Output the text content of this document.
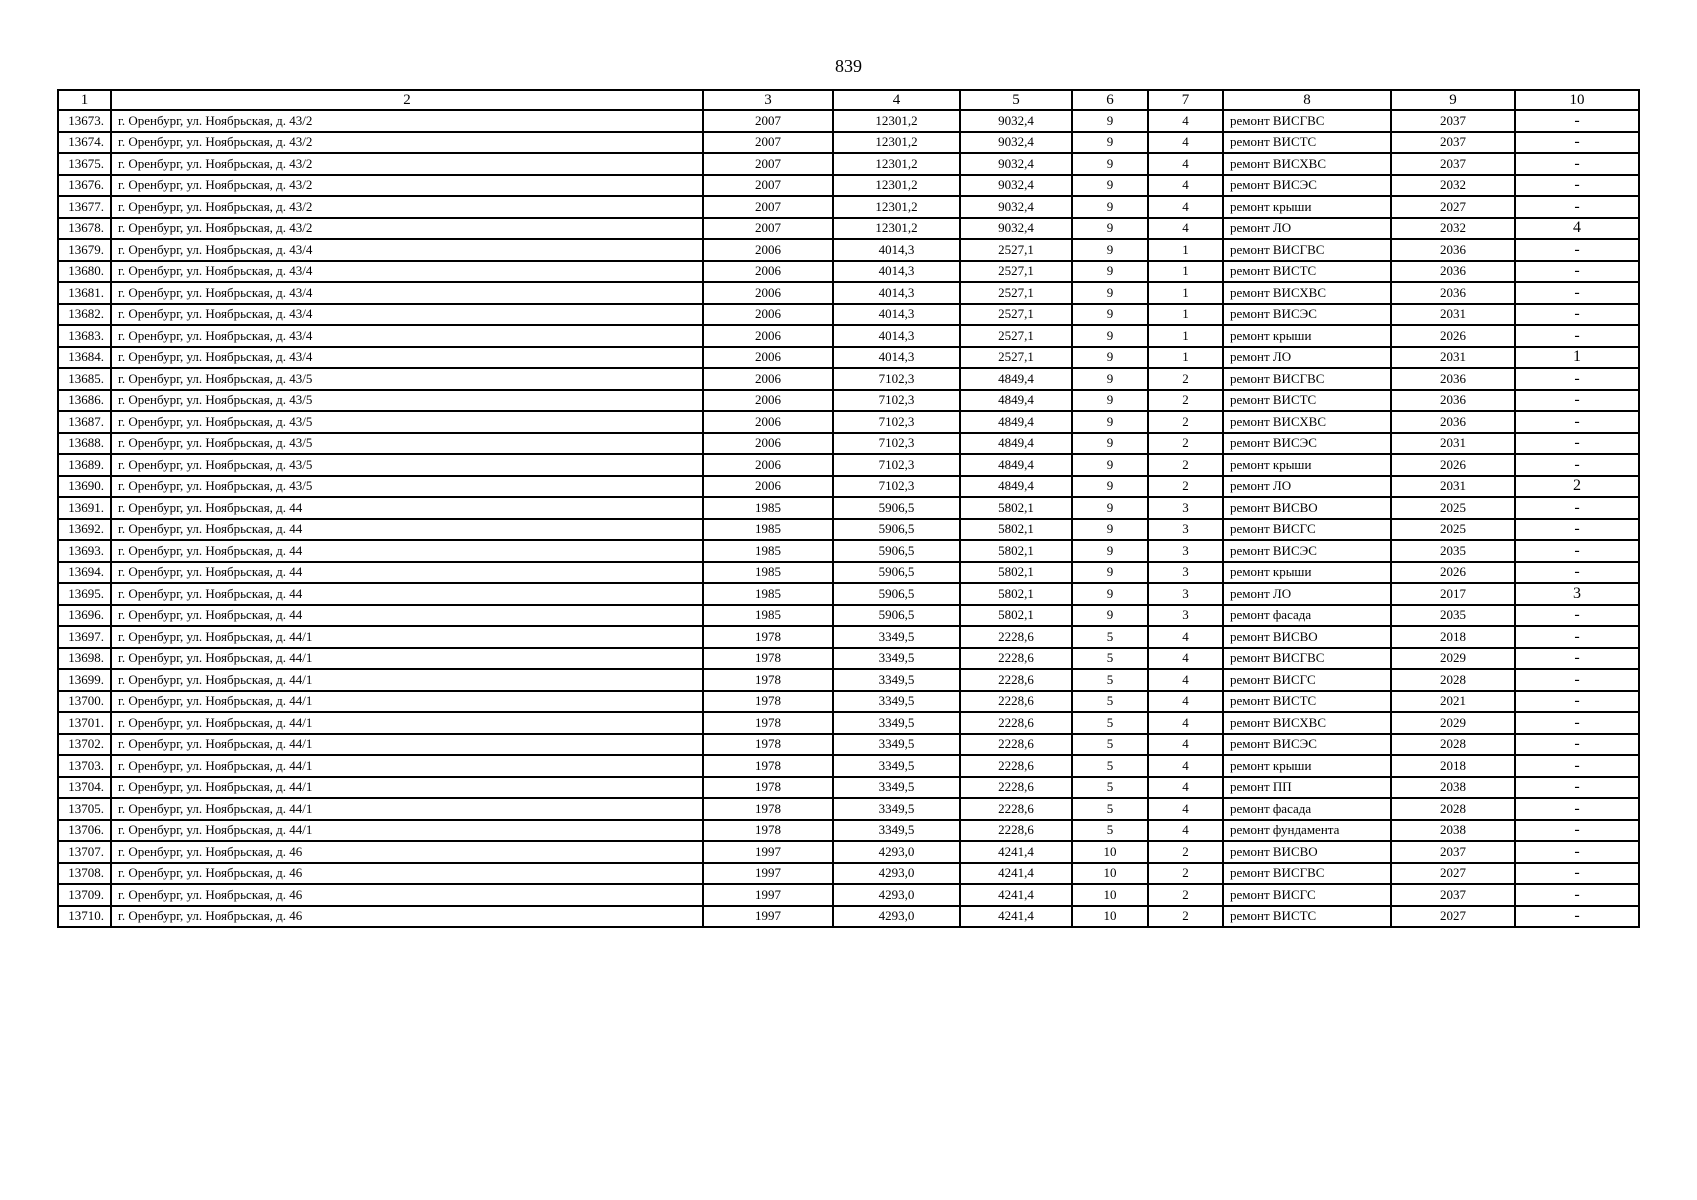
839
1	2	3	4	5	6	7	8	9	10
13673.	г. Оренбург, ул. Ноябрьская, д. 43/2	2007	12301,2	9032,4	9	4	ремонт ВИСГВС	2037	-
13674.	г. Оренбург, ул. Ноябрьская, д. 43/2	2007	12301,2	9032,4	9	4	ремонт ВИСТС	2037	-
13675.	г. Оренбург, ул. Ноябрьская, д. 43/2	2007	12301,2	9032,4	9	4	ремонт ВИСХВС	2037	-
13676.	г. Оренбург, ул. Ноябрьская, д. 43/2	2007	12301,2	9032,4	9	4	ремонт ВИСЭС	2032	-
13677.	г. Оренбург, ул. Ноябрьская, д. 43/2	2007	12301,2	9032,4	9	4	ремонт крыши	2027	-
13678.	г. Оренбург, ул. Ноябрьская, д. 43/2	2007	12301,2	9032,4	9	4	ремонт ЛО	2032	4
13679.	г. Оренбург, ул. Ноябрьская, д. 43/4	2006	4014,3	2527,1	9	1	ремонт ВИСГВС	2036	-
13680.	г. Оренбург, ул. Ноябрьская, д. 43/4	2006	4014,3	2527,1	9	1	ремонт ВИСТС	2036	-
13681.	г. Оренбург, ул. Ноябрьская, д. 43/4	2006	4014,3	2527,1	9	1	ремонт ВИСХВС	2036	-
13682.	г. Оренбург, ул. Ноябрьская, д. 43/4	2006	4014,3	2527,1	9	1	ремонт ВИСЭС	2031	-
13683.	г. Оренбург, ул. Ноябрьская, д. 43/4	2006	4014,3	2527,1	9	1	ремонт крыши	2026	-
13684.	г. Оренбург, ул. Ноябрьская, д. 43/4	2006	4014,3	2527,1	9	1	ремонт ЛО	2031	1
13685.	г. Оренбург, ул. Ноябрьская, д. 43/5	2006	7102,3	4849,4	9	2	ремонт ВИСГВС	2036	-
13686.	г. Оренбург, ул. Ноябрьская, д. 43/5	2006	7102,3	4849,4	9	2	ремонт ВИСТС	2036	-
13687.	г. Оренбург, ул. Ноябрьская, д. 43/5	2006	7102,3	4849,4	9	2	ремонт ВИСХВС	2036	-
13688.	г. Оренбург, ул. Ноябрьская, д. 43/5	2006	7102,3	4849,4	9	2	ремонт ВИСЭС	2031	-
13689.	г. Оренбург, ул. Ноябрьская, д. 43/5	2006	7102,3	4849,4	9	2	ремонт крыши	2026	-
13690.	г. Оренбург, ул. Ноябрьская, д. 43/5	2006	7102,3	4849,4	9	2	ремонт ЛО	2031	2
13691.	г. Оренбург, ул. Ноябрьская, д. 44	1985	5906,5	5802,1	9	3	ремонт ВИСВО	2025	-
13692.	г. Оренбург, ул. Ноябрьская, д. 44	1985	5906,5	5802,1	9	3	ремонт ВИСГС	2025	-
13693.	г. Оренбург, ул. Ноябрьская, д. 44	1985	5906,5	5802,1	9	3	ремонт ВИСЭС	2035	-
13694.	г. Оренбург, ул. Ноябрьская, д. 44	1985	5906,5	5802,1	9	3	ремонт крыши	2026	-
13695.	г. Оренбург, ул. Ноябрьская, д. 44	1985	5906,5	5802,1	9	3	ремонт ЛО	2017	3
13696.	г. Оренбург, ул. Ноябрьская, д. 44	1985	5906,5	5802,1	9	3	ремонт фасада	2035	-
13697.	г. Оренбург, ул. Ноябрьская, д. 44/1	1978	3349,5	2228,6	5	4	ремонт ВИСВО	2018	-
13698.	г. Оренбург, ул. Ноябрьская, д. 44/1	1978	3349,5	2228,6	5	4	ремонт ВИСГВС	2029	-
13699.	г. Оренбург, ул. Ноябрьская, д. 44/1	1978	3349,5	2228,6	5	4	ремонт ВИСГС	2028	-
13700.	г. Оренбург, ул. Ноябрьская, д. 44/1	1978	3349,5	2228,6	5	4	ремонт ВИСТС	2021	-
13701.	г. Оренбург, ул. Ноябрьская, д. 44/1	1978	3349,5	2228,6	5	4	ремонт ВИСХВС	2029	-
13702.	г. Оренбург, ул. Ноябрьская, д. 44/1	1978	3349,5	2228,6	5	4	ремонт ВИСЭС	2028	-
13703.	г. Оренбург, ул. Ноябрьская, д. 44/1	1978	3349,5	2228,6	5	4	ремонт крыши	2018	-
13704.	г. Оренбург, ул. Ноябрьская, д. 44/1	1978	3349,5	2228,6	5	4	ремонт ПП	2038	-
13705.	г. Оренбург, ул. Ноябрьская, д. 44/1	1978	3349,5	2228,6	5	4	ремонт фасада	2028	-
13706.	г. Оренбург, ул. Ноябрьская, д. 44/1	1978	3349,5	2228,6	5	4	ремонт фундамента	2038	-
13707.	г. Оренбург, ул. Ноябрьская, д. 46	1997	4293,0	4241,4	10	2	ремонт ВИСВО	2037	-
13708.	г. Оренбург, ул. Ноябрьская, д. 46	1997	4293,0	4241,4	10	2	ремонт ВИСГВС	2027	-
13709.	г. Оренбург, ул. Ноябрьская, д. 46	1997	4293,0	4241,4	10	2	ремонт ВИСГС	2037	-
13710.	г. Оренбург, ул. Ноябрьская, д. 46	1997	4293,0	4241,4	10	2	ремонт ВИСТС	2027	-
